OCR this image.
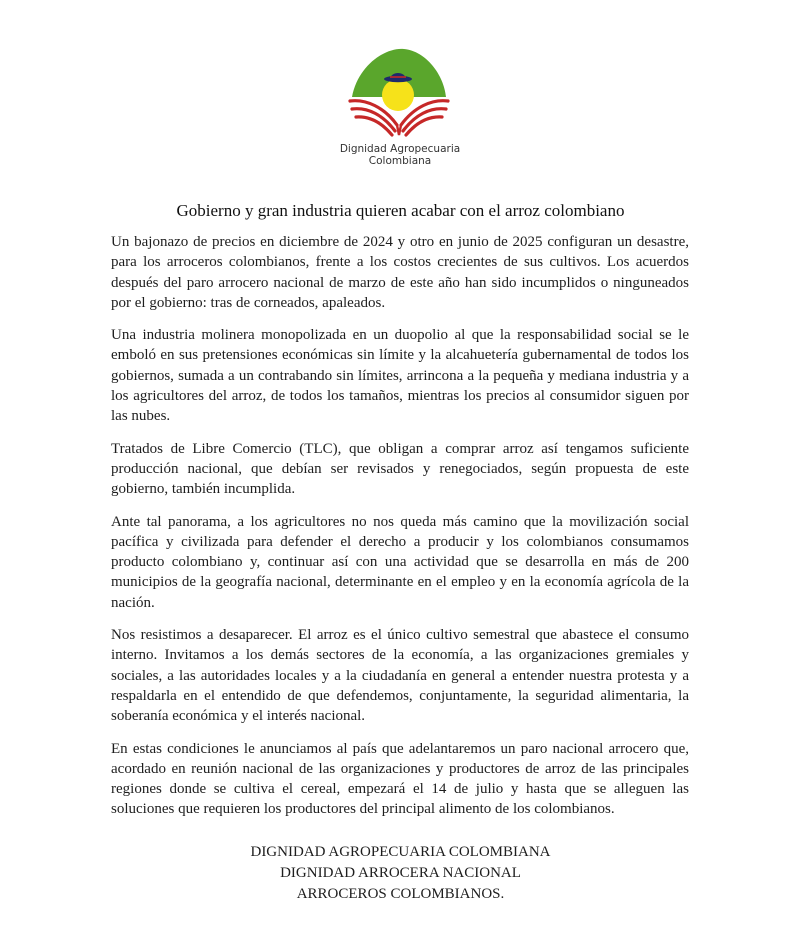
Dignidad Agropecuaria
Colombiana
Gobierno y gran industria quieren acabar con el arroz colombiano

Un bajonazo de precios en diciembre de 2024 y otro en junio de 2025 configuran un desastre, para los arroceros colombianos, frente a los costos crecientes de sus cultivos. Los acuerdos después del paro arrocero nacional de marzo de este año han sido incumplidos o ninguneados por el gobierno: tras de corneados, apaleados.

Una industria molinera monopolizada en un duopolio al que la responsabilidad social se le emboló en sus pretensiones económicas sin límite y la alcahuetería gubernamental de todos los gobiernos, sumada a un contrabando sin límites, arrincona a la pequeña y mediana industria y a los agricultores del arroz, de todos los tamaños, mientras los precios al consumidor siguen por las nubes.

Tratados de Libre Comercio (TLC), que obligan a comprar arroz así tengamos suficiente producción nacional, que debían ser revisados y renegociados, según propuesta de este gobierno, también incumplida.

Ante tal panorama, a los agricultores no nos queda más camino que la movilización social pacífica y civilizada para defender el derecho a producir y los colombianos consumamos producto colombiano y, continuar así con una actividad que se desarrolla en más de 200 municipios de la geografía nacional, determinante en el empleo y en la economía agrícola de la nación.

Nos resistimos a desaparecer. El arroz es el único cultivo semestral que abastece el consumo interno. Invitamos a los demás sectores de la economía, a las organizaciones gremiales y sociales, a las autoridades locales y a la ciudadanía en general a entender nuestra protesta y a respaldarla en el entendido de que defendemos, conjuntamente, la seguridad alimentaria, la soberanía económica y el interés nacional.

En estas condiciones le anunciamos al país que adelantaremos un paro nacional arrocero que, acordado en reunión nacional de las organizaciones y productores de arroz de las principales regiones donde se cultiva el cereal, empezará el 14 de julio y hasta que se alleguen las soluciones que requieren los productores del principal alimento de los colombianos.

DIGNIDAD AGROPECUARIA COLOMBIANA
DIGNIDAD ARROCERA NACIONAL
ARROCEROS COLOMBIANOS.
